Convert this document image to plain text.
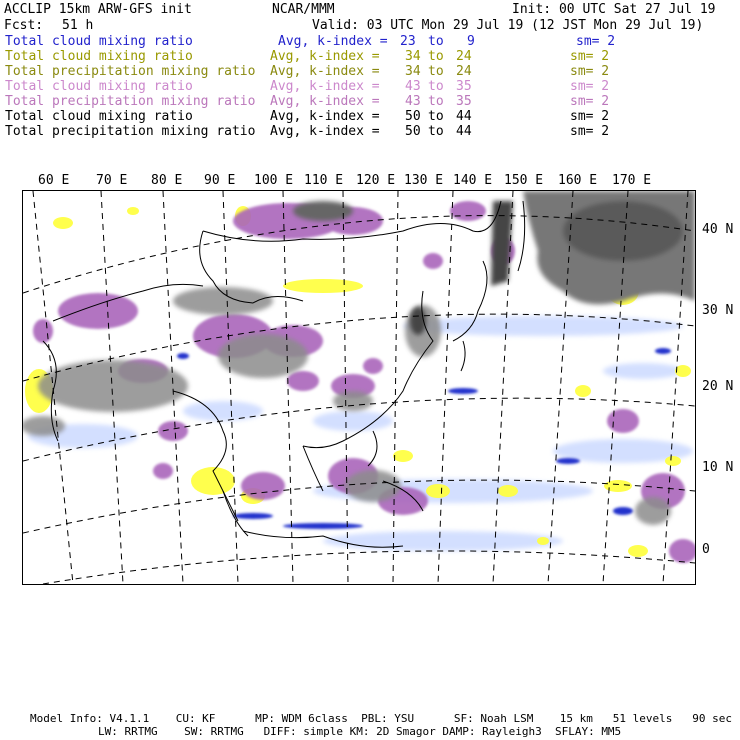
ACCLIP 15km ARW-GFS init	NCAR/MMM	Init: 00 UTC Sat 27 Jul 19
Fcst: 51 h	Valid: 03 UTC Mon 29 Jul 19 (12 JST Mon 29 Jul 19)
Total cloud mixing ratio	Avg, k-index = 23 to 9	sm= 2
Total cloud mixing ratio	Avg, k-index = 34 to 24	sm= 2
Total precipitation mixing ratio Avg, k-index = 34 to 24	sm= 2
Total cloud mixing ratio	Avg, k-index = 43 to 35	sm= 2
Total precipitation mixing ratio Avg, k-index = 43 to 35	sm= 2
Total cloud mixing ratio	Avg, k-index = 50 to 44	sm= 2
Total precipitation mixing ratio Avg, k-index = 50 to 44	sm= 2
60 E 70 E 80 E 90 E 100 E 110 E 120 E 130 E 140 E 150 E 160 E 170 E
40 N
30 N
20 N
10 N
0
Model Info: V4.1.1    CU: KF      MP: WDM 6class  PBL: YSU      SF: Noah LSM    15 km   51 levels   90 sec
LW: RRTMG    SW: RRTMG   DIFF: simple KM: 2D Smagor DAMP: Rayleigh3  SFLAY: MM5
